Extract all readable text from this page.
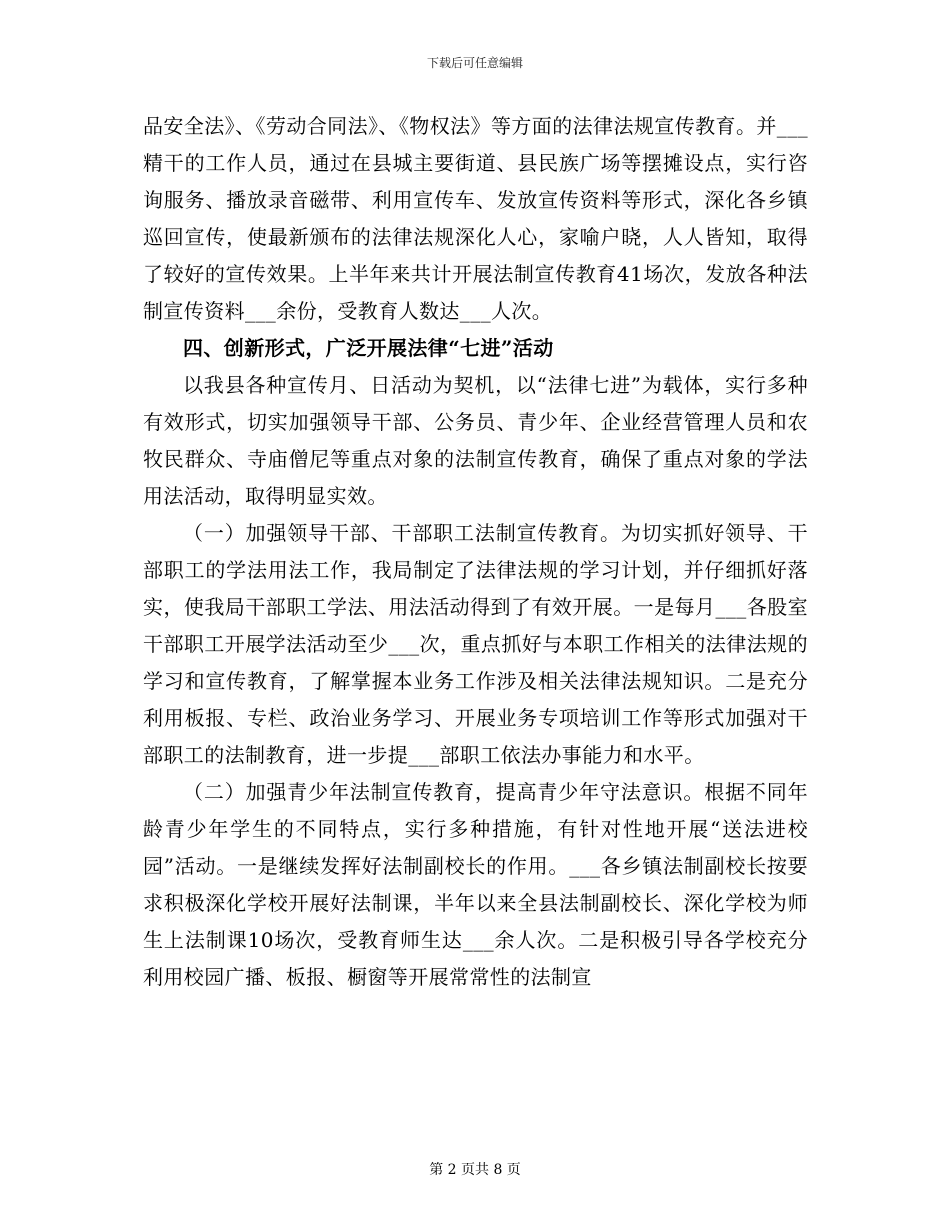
下载后可任意编辑

品安全法》、《劳动合同法》、《物权法》等方面的法律法规宣传教育。并___精干的工作人员，通过在县城主要街道、县民族广场等摆摊设点，实行咨询服务、播放录音磁带、利用宣传车、发放宣传资料等形式，深化各乡镇巡回宣传，使最新颁布的法律法规深化人心，家喻户晓，人人皆知，取得了较好的宣传效果。上半年来共计开展法制宣传教育41场次，发放各种法制宣传资料___余份，受教育人数达___人次。

四、创新形式，广泛开展法律“七进”活动

以我县各种宣传月、日活动为契机，以“法律七进”为载体，实行多种有效形式，切实加强领导干部、公务员、青少年、企业经营管理人员和农牧民群众、寺庙僧尼等重点对象的法制宣传教育，确保了重点对象的学法用法活动，取得明显实效。

（一）加强领导干部、干部职工法制宣传教育。为切实抓好领导、干部职工的学法用法工作，我局制定了法律法规的学习计划，并仔细抓好落实，使我局干部职工学法、用法活动得到了有效开展。一是每月___各股室干部职工开展学法活动至少___次，重点抓好与本职工作相关的法律法规的学习和宣传教育，了解掌握本业务工作涉及相关法律法规知识。二是充分利用板报、专栏、政治业务学习、开展业务专项培训工作等形式加强对干部职工的法制教育，进一步提___部职工依法办事能力和水平。

（二）加强青少年法制宣传教育，提高青少年守法意识。根据不同年龄青少年学生的不同特点，实行多种措施，有针对性地开展“送法进校园”活动。一是继续发挥好法制副校长的作用。___各乡镇法制副校长按要求积极深化学校开展好法制课，半年以来全县法制副校长、深化学校为师生上法制课10场次，受教育师生达___余人次。二是积极引导各学校充分利用校园广播、板报、橱窗等开展常常性的法制宣

第 2 页共 8 页
